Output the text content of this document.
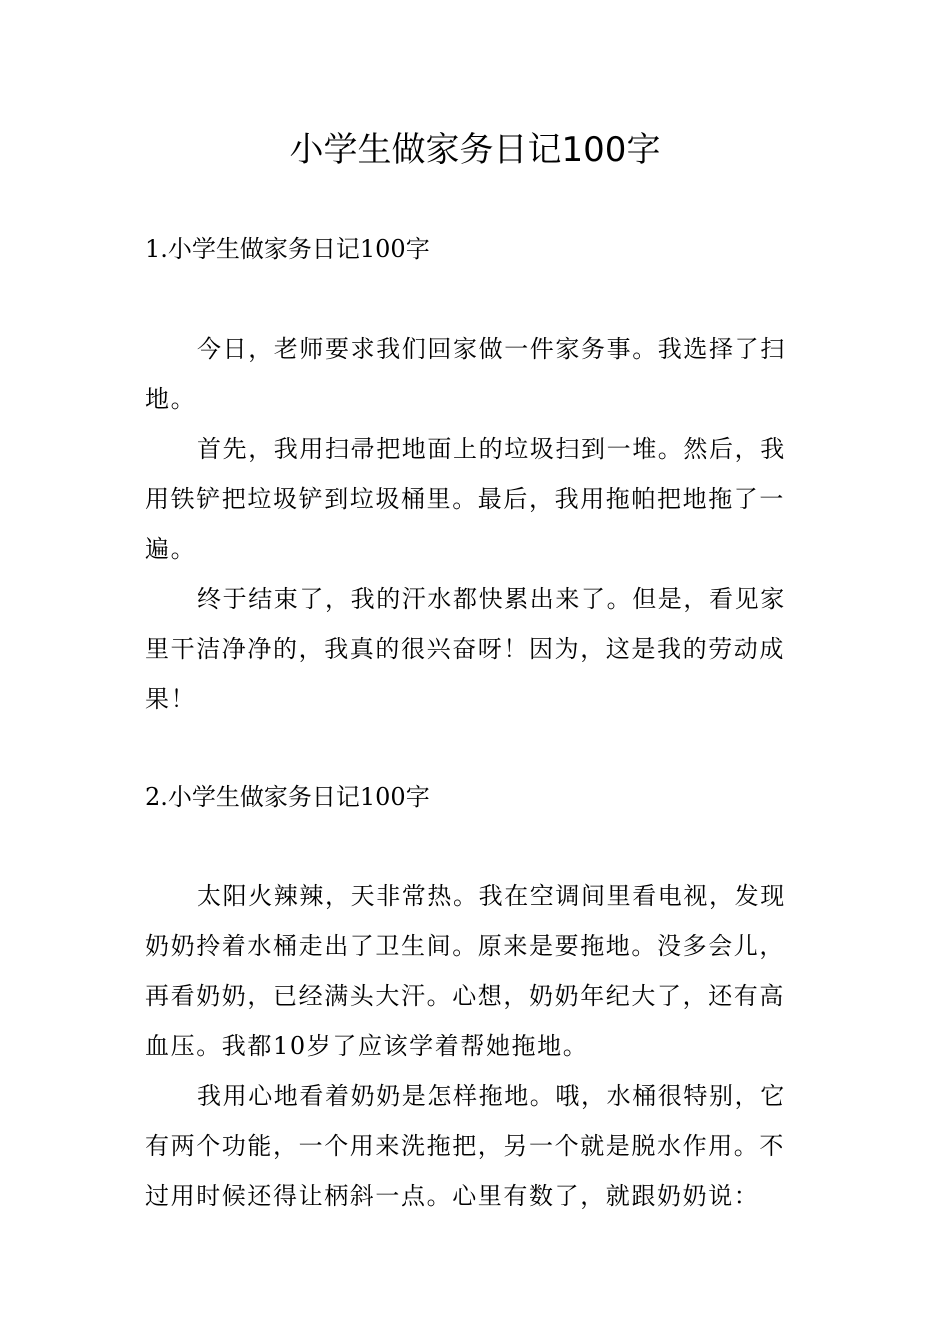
小学生做家务日记100字
1.小学生做家务日记100字

今日，老师要求我们回家做一件家务事。我选择了扫地。

首先，我用扫帚把地面上的垃圾扫到一堆。然后，我用铁铲把垃圾铲到垃圾桶里。最后，我用拖帕把地拖了一遍。

终于结束了，我的汗水都快累出来了。但是，看见家里干洁净净的，我真的很兴奋呀！因为，这是我的劳动成果！

2.小学生做家务日记100字

太阳火辣辣，天非常热。我在空调间里看电视，发现奶奶拎着水桶走出了卫生间。原来是要拖地。没多会儿，再看奶奶，已经满头大汗。心想，奶奶年纪大了，还有高血压。我都10岁了应该学着帮她拖地。

我用心地看着奶奶是怎样拖地。哦，水桶很特别，它有两个功能，一个用来洗拖把，另一个就是脱水作用。不过用时候还得让柄斜一点。心里有数了，就跟奶奶说：
